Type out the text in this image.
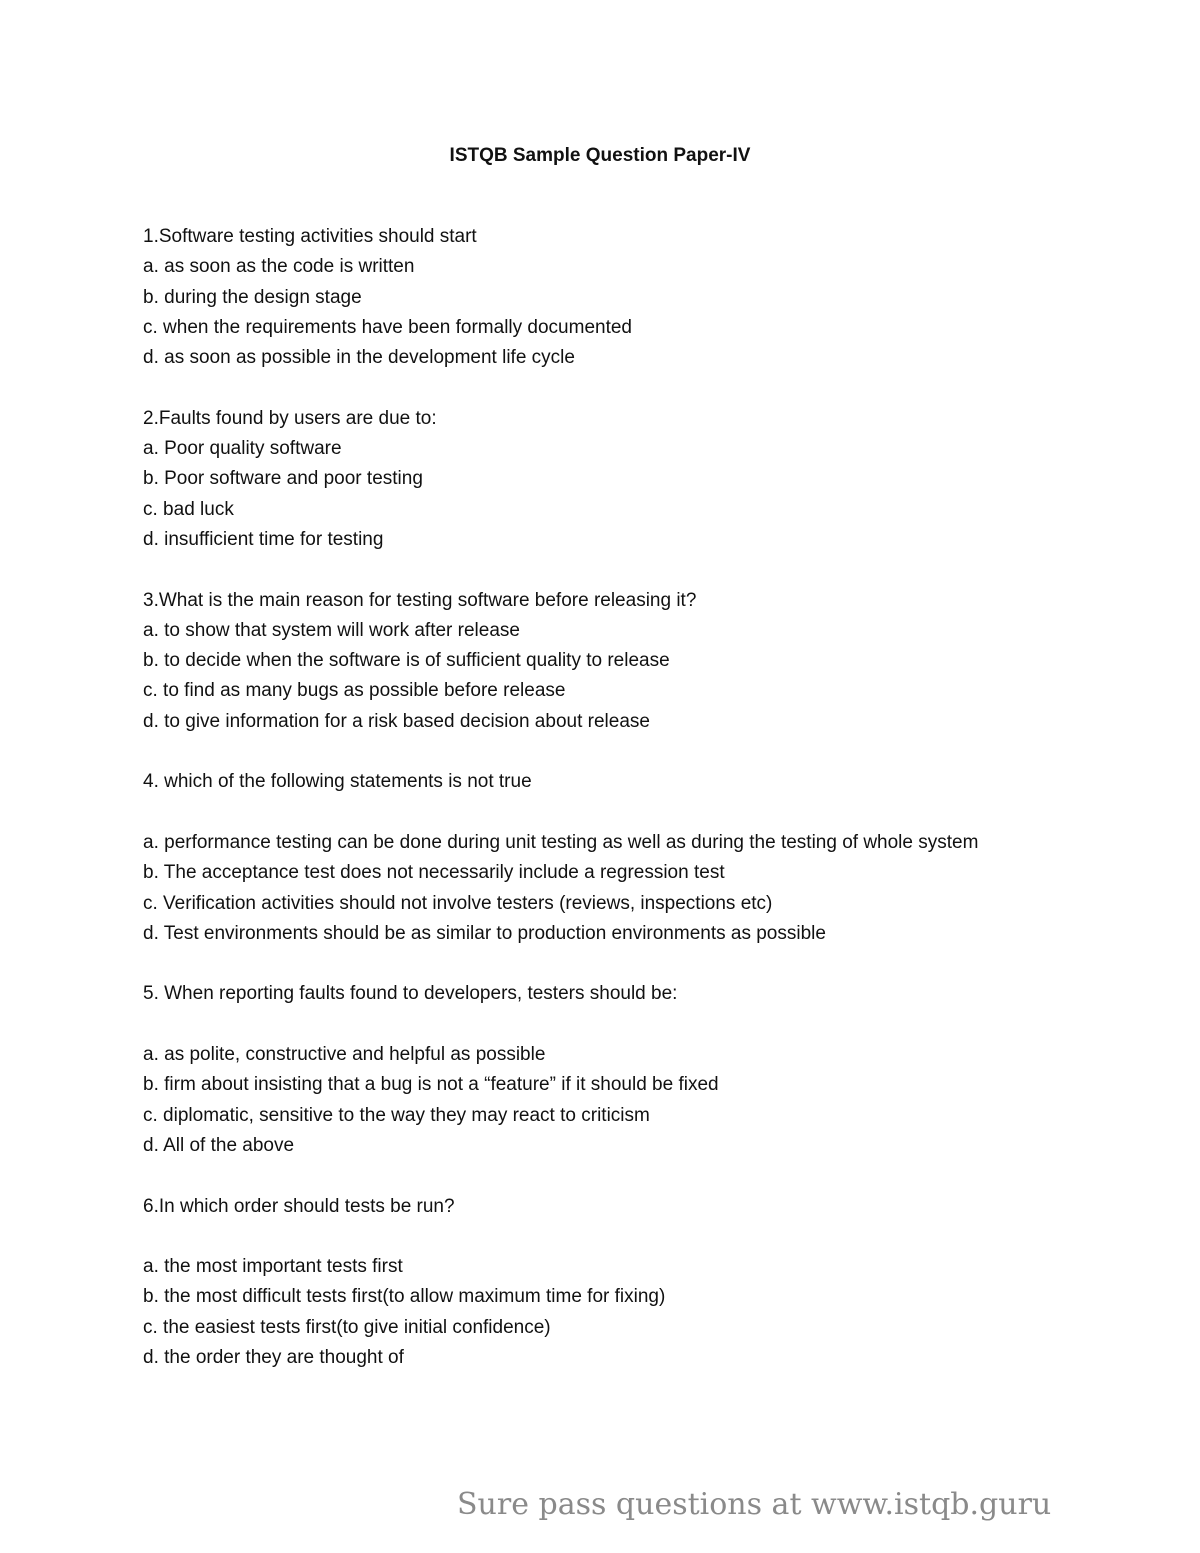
ISTQB Sample Question Paper-IV
1.Software testing activities should start
a. as soon as the code is written
b. during the design stage
c. when the requirements have been formally documented
d. as soon as possible in the development life cycle
2.Faults found by users are due to:
a. Poor quality software
b. Poor software and poor testing
c. bad luck
d. insufficient time for testing
3.What is the main reason for testing software before releasing it?
a. to show that system will work after release
b. to decide when the software is of sufficient quality to release
c. to find as many bugs as possible before release
d. to give information for a risk based decision about release
4. which of the following statements is not true
a. performance testing can be done during unit testing as well as during the testing of whole system
b. The acceptance test does not necessarily include a regression test
c. Verification activities should not involve testers (reviews, inspections etc)
d. Test environments should be as similar to production environments as possible
5. When reporting faults found to developers, testers should be:
a. as polite, constructive and helpful as possible
b. firm about insisting that a bug is not a “feature” if it should be fixed
c. diplomatic, sensitive to the way they may react to criticism
d. All of the above
6.In which order should tests be run?
a. the most important tests first
b. the most difficult tests first(to allow maximum time for fixing)
c. the easiest tests first(to give initial confidence)
d. the order they are thought of
Sure pass questions at www.istqb.guru
